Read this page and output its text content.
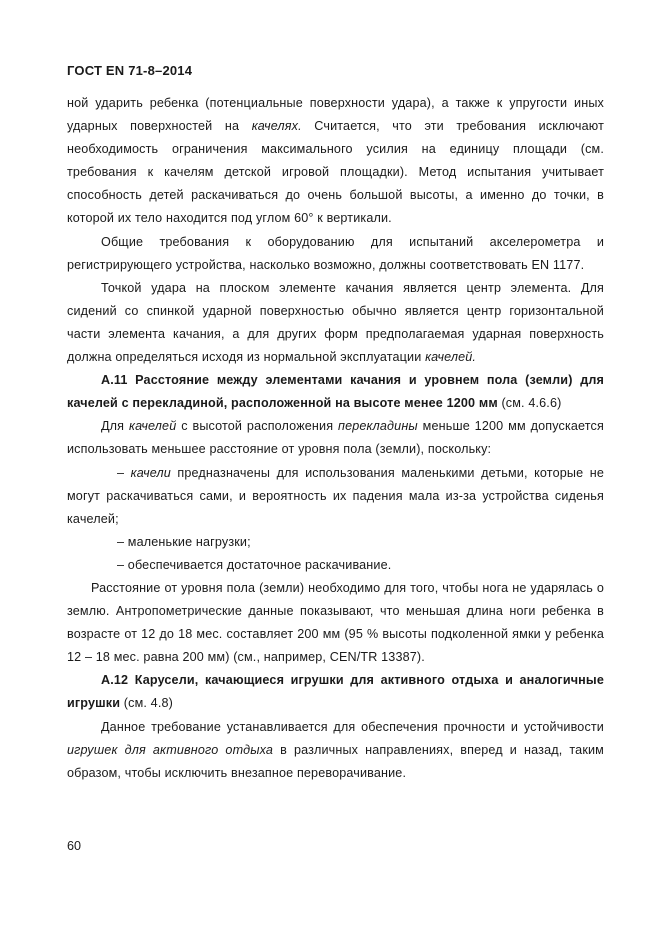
ГОСТ EN 71-8–2014

ной ударить ребенка (потенциальные поверхности удара), а также к упругости иных ударных поверхностей на качелях. Считается, что эти требования исключают необходимость ограничения максимального усилия на единицу площади (см. требования к качелям детской игровой площадки). Метод испытания учитывает способность детей раскачиваться до очень большой высоты, а именно до точки, в которой их тело находится под углом 60° к вертикали.

Общие требования к оборудованию для испытаний акселерометра и регистрирующего устройства, насколько возможно, должны соответствовать EN 1177.

Точкой удара на плоском элементе качания является центр элемента. Для сидений со спинкой ударной поверхностью обычно является центр горизонтальной части элемента качания, а для других форм предполагаемая ударная поверхность должна определяться исходя из нормальной эксплуатации качелей.

А.11 Расстояние между элементами качания и уровнем пола (земли) для качелей с перекладиной, расположенной на высоте менее 1200 мм (см. 4.6.6)

Для качелей с высотой расположения перекладины меньше 1200 мм допускается использовать меньшее расстояние от уровня пола (земли), поскольку:

– качели предназначены для использования маленькими детьми, которые не могут раскачиваться сами, и вероятность их падения мала из-за устройства сиденья качелей;

– маленькие нагрузки;

– обеспечивается достаточное раскачивание.

Расстояние от уровня пола (земли) необходимо для того, чтобы нога не ударялась о землю. Антропометрические данные показывают, что меньшая длина ноги ребенка в возрасте от 12 до 18 мес. составляет 200 мм (95 % высоты подколенной ямки у ребенка 12 – 18 мес. равна 200 мм) (см., например, CEN/TR 13387).

А.12 Карусели, качающиеся игрушки для активного отдыха и аналогичные игрушки (см. 4.8)

Данное требование устанавливается для обеспечения прочности и устойчивости игрушек для активного отдыха в различных направлениях, вперед и назад, таким образом, чтобы исключить внезапное переворачивание.

60
